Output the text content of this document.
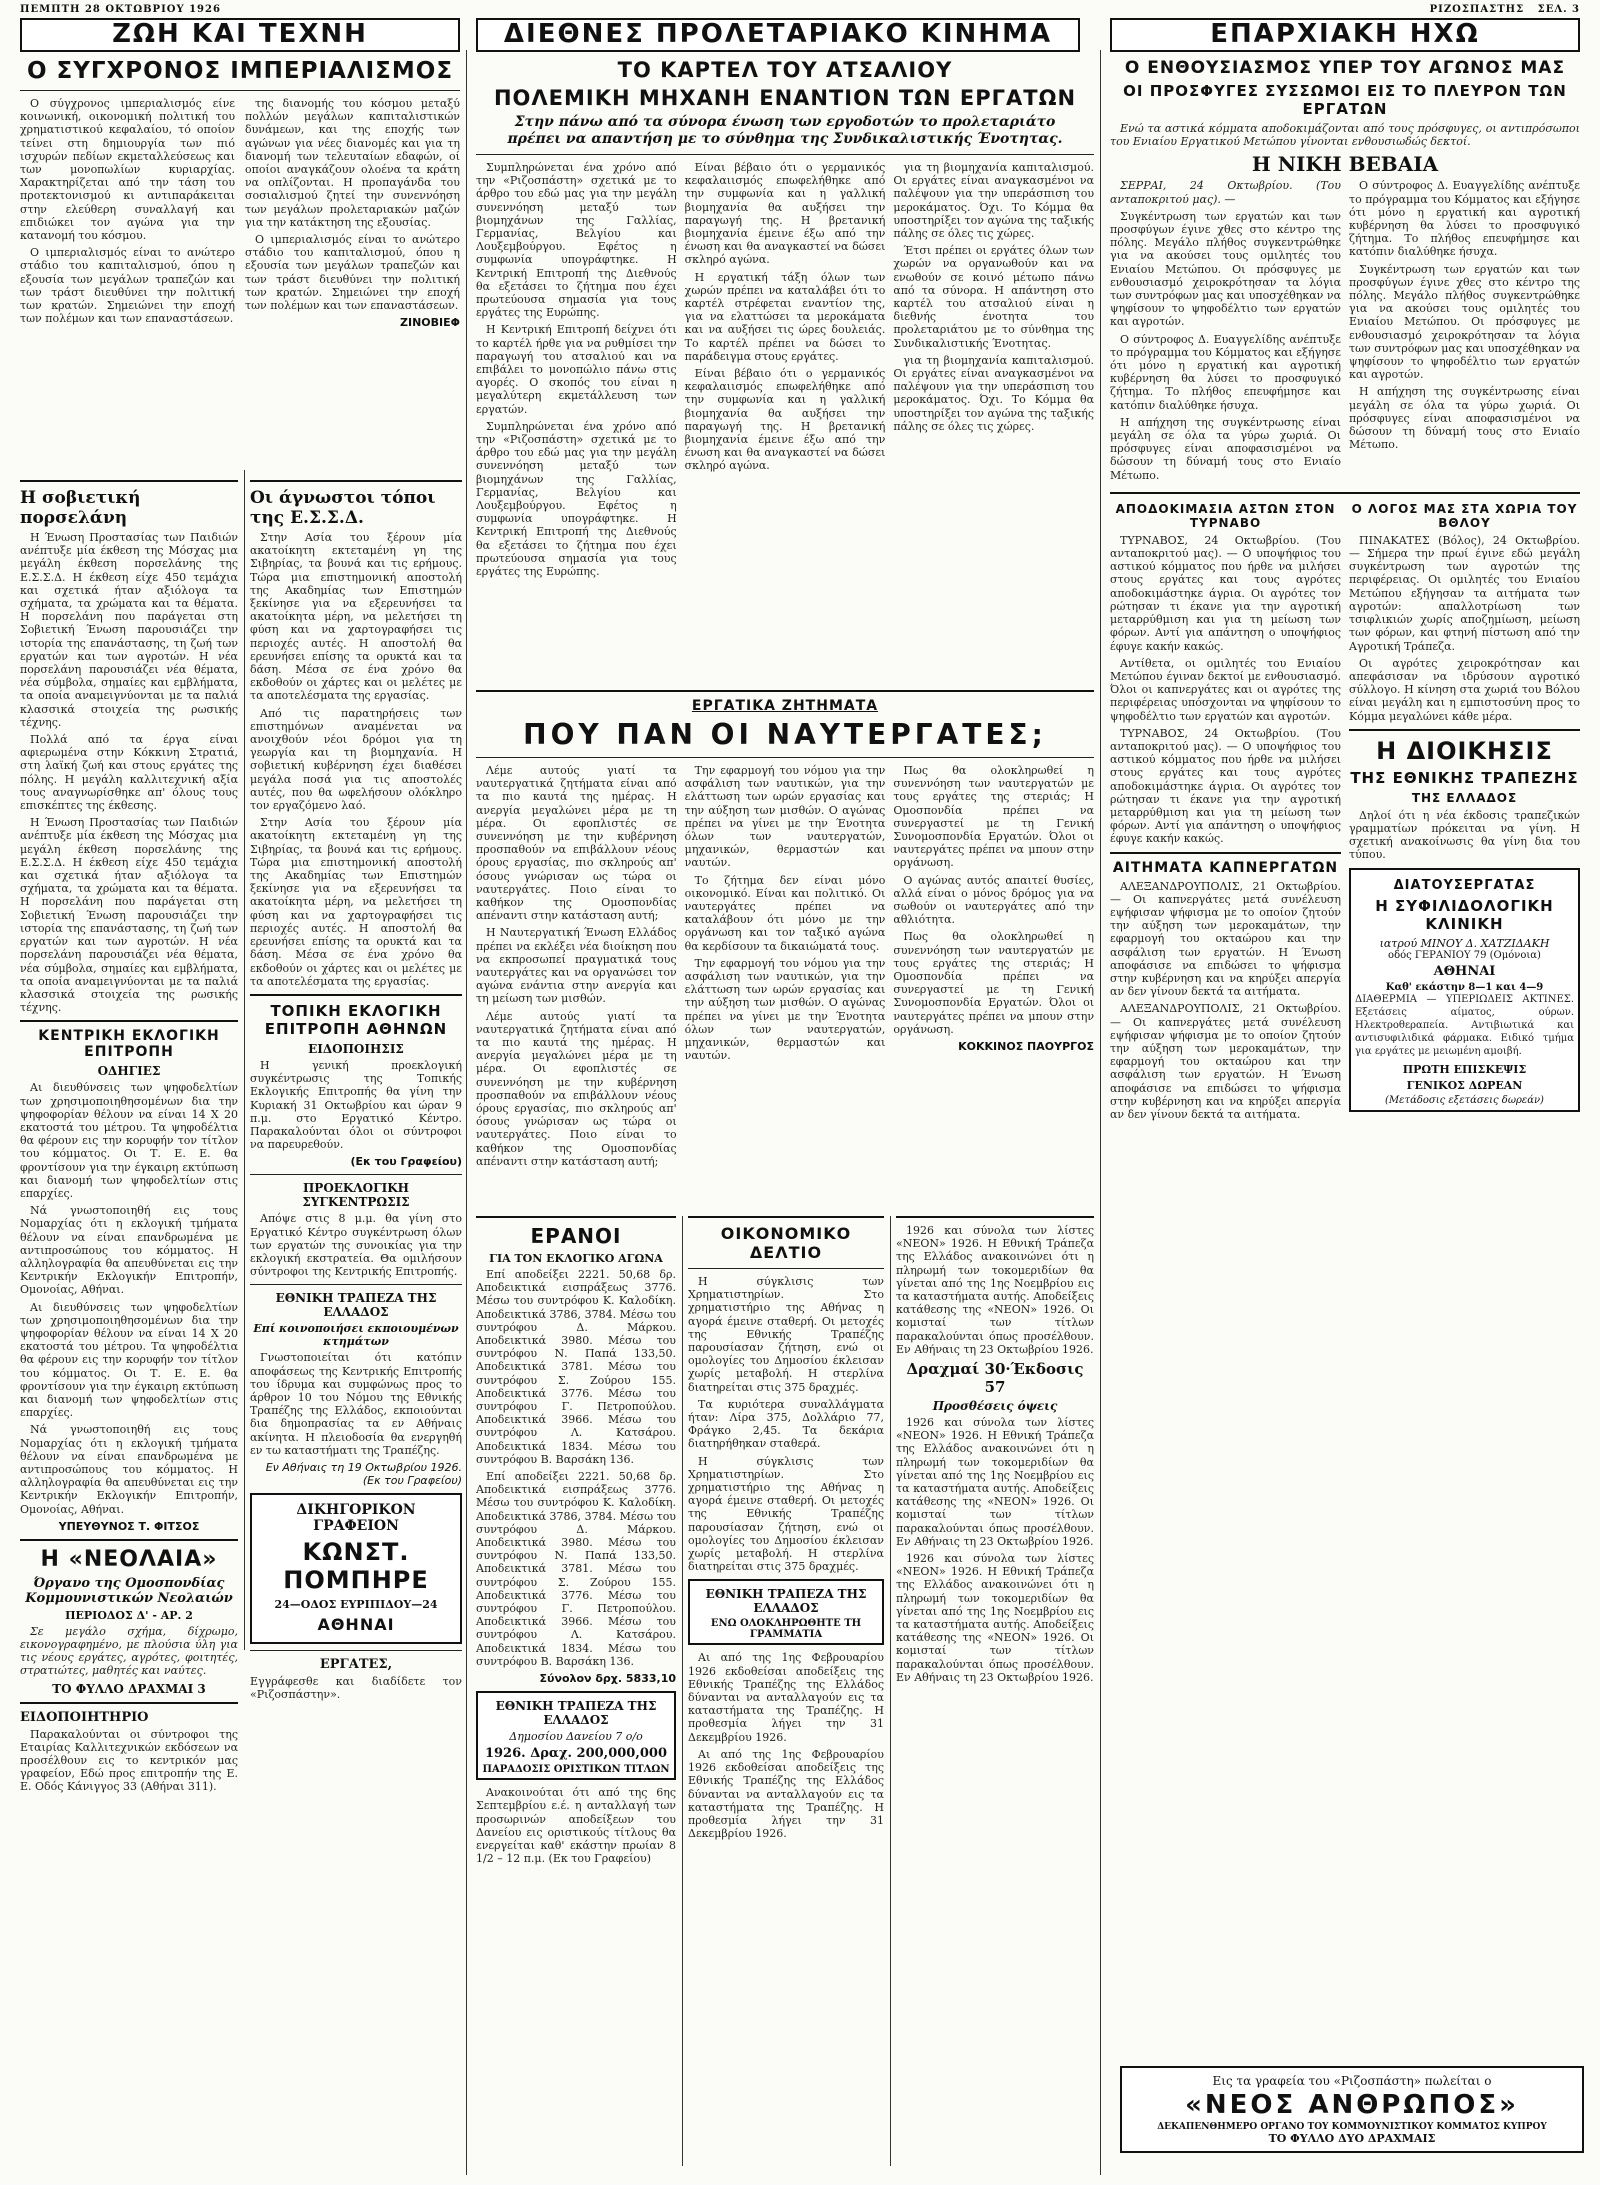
ΠΕΜΠΤΗ 28 ΟΚΤΩΒΡΙΟΥ 1926	ΡΙΖΟΣΠΑΣΤΗΣ ΣΕΛ. 3
ΖΩΗ ΚΑΙ ΤΕΧΝΗ	ΔΙΕΘΝΕΣ ΠΡΟΛΕΤΑΡΙΑΚΟ ΚΙΝΗΜΑ	ΕΠΑΡΧΙΑΚΗ ΗΧΩ
Ο ΣΥΓΧΡΟΝΟΣ ΙΜΠΕΡΙΑΛΙΣΜΟΣ

Ο σύγχρονος ιμπεριαλισμός είνε κοινωνική, οικονομική πολιτική του χρηματιστικού κεφαλαίου, τό οποίον τείνει στη δημιουργία των πιό ισχυρών πεδίων εκμεταλλεύσεως και των μονοπωλίων κυριαρχίας. Χαρακτηρίζεται από την τάση του προτεκτονισμού κι αντιπαράκειται στην ελεύθερη συναλλαγή και επιδιώκει τον αγώνα για την κατανομή του κόσμου.

Ο ιμπεριαλισμός είναι το ανώτερο στάδιο του καπιταλισμού, όπου η εξουσία των μεγάλων τραπεζών και των τράστ διευθύνει την πολιτική των κρατών. Σημειώνει την εποχή των πολέμων και των επαναστάσεων.

της διανομής του κόσμου μεταξύ πολλών μεγάλων καπιταλιστικών δυνάμεων, και της εποχής των αγώνων για νέες διανομές και για τη διανομή των τελευταίων εδαφών, οί οποίοι αναγκάζουν ολοένα τα κράτη να οπλίζονται. Η προπαγάνδα του σοσιαλισμού ζητεί την συνεννόηση των μεγάλων προλεταριακών μαζών για την κατάκτηση της εξουσίας.

Ο ιμπεριαλισμός είναι το ανώτερο στάδιο του καπιταλισμού, όπου η εξουσία των μεγάλων τραπεζών και των τράστ διευθύνει την πολιτική των κρατών. Σημειώνει την εποχή των πολέμων και των επαναστάσεων.

ΖΙΝΟΒΙΕΦ
Η σοβιετική πορσελάνη

Η Ένωση Προστασίας των Παιδιών ανέπτυξε μία έκθεση της Μόσχας μια μεγάλη έκθεση πορσελάνης της Ε.Σ.Σ.Δ. Η έκθεση είχε 450 τεμάχια και σχετικά ήταν αξιόλογα τα σχήματα, τα χρώματα και τα θέματα. Η πορσελάνη που παράγεται στη Σοβιετική Ένωση παρουσιάζει την ιστορία της επανάστασης, τη ζωή των εργατών και των αγροτών. Η νέα πορσελάνη παρουσιάζει νέα θέματα, νέα σύμβολα, σημαίες και εμβλήματα, τα οποία αναμειγνύονται με τα παλιά κλασσικά στοιχεία της ρωσικής τέχνης.

Πολλά από τα έργα είναι αφιερωμένα στην Κόκκινη Στρατιά, στη λαϊκή ζωή και στους εργάτες της πόλης. Η μεγάλη καλλιτεχνική αξία τους αναγνωρίσθηκε απ' όλους τους επισκέπτες της έκθεσης.

Η Ένωση Προστασίας των Παιδιών ανέπτυξε μία έκθεση της Μόσχας μια μεγάλη έκθεση πορσελάνης της Ε.Σ.Σ.Δ. Η έκθεση είχε 450 τεμάχια και σχετικά ήταν αξιόλογα τα σχήματα, τα χρώματα και τα θέματα. Η πορσελάνη που παράγεται στη Σοβιετική Ένωση παρουσιάζει την ιστορία της επανάστασης, τη ζωή των εργατών και των αγροτών. Η νέα πορσελάνη παρουσιάζει νέα θέματα, νέα σύμβολα, σημαίες και εμβλήματα, τα οποία αναμειγνύονται με τα παλιά κλασσικά στοιχεία της ρωσικής τέχνης.

ΚΕΝΤΡΙΚΗ ΕΚΛΟΓΙΚΗ ΕΠΙΤΡΟΠΗ
ΟΔΗΓΙΕΣ

Αι διευθύνσεις των ψηφοδελτίων των χρησιμοποιηθησομένων δια την ψηφοφορίαν θέλουν να είναι 14 Χ 20 εκατοστά του μέτρου. Τα ψηφοδέλτια θα φέρουν εις την κορυφήν τον τίτλον του κόμματος. Οι Τ. Ε. Ε. θα φροντίσουν για την έγκαιρη εκτύπωση και διανομή των ψηφοδελτίων στις επαρχίες.

Νά γνωστοποιηθή εις τους Νομαρχίας ότι η εκλογική τμήματα θέλουν να είναι επανδρωμένα με αντιπροσώπους του κόμματος. Η αλληλογραφία θα απευθύνεται εις την Κεντρικήν Εκλογικήν Επιτροπήν, Ομονοίας, Αθήναι.

Αι διευθύνσεις των ψηφοδελτίων των χρησιμοποιηθησομένων δια την ψηφοφορίαν θέλουν να είναι 14 Χ 20 εκατοστά του μέτρου. Τα ψηφοδέλτια θα φέρουν εις την κορυφήν τον τίτλον του κόμματος. Οι Τ. Ε. Ε. θα φροντίσουν για την έγκαιρη εκτύπωση και διανομή των ψηφοδελτίων στις επαρχίες.

Νά γνωστοποιηθή εις τους Νομαρχίας ότι η εκλογική τμήματα θέλουν να είναι επανδρωμένα με αντιπροσώπους του κόμματος. Η αλληλογραφία θα απευθύνεται εις την Κεντρικήν Εκλογικήν Επιτροπήν, Ομονοίας, Αθήναι.

ΥΠΕΥΘΥΝΟΣ Τ. ΦΙΤΣΟΣ
Η «ΝΕΟΛΑΙΑ»
Όργανο της Ομοσπονδίας Κομμουνιστικών Νεολαιών
ΠΕΡΙΟΔΟΣ Δ' - ΑΡ. 2

Σε μεγάλο σχήμα, δίχρωμο, εικονογραφημένο, με πλούσια ύλη για τις νέους εργάτες, αγρότες, φοιτητές, στρατιώτες, μαθητές και ναύτες.

ΤΟ ΦΥΛΛΟ ΔΡΑΧΜΑΙ 3
ΕΙΔΟΠΟΙΗΤΗΡΙΟ

Παρακαλούνται οι σύντροφοι της Εταιρίας Καλλιτεχνικών εκδόσεων να προσέλθουν εις το κεντρικόν μας γραφείον, Εδώ προς επιτροπήν της Ε. Ε. Οδός Κάνιγγος 33 (Αθήναι 311).

Οι άγνωστοι τόποι της Ε.Σ.Σ.Δ.

Στην Ασία του ξέρουν μία ακατοίκητη εκτεταμένη γη της Σιβηρίας, τα βουνά και τις ερήμους. Τώρα μια επιστημονική αποστολή της Ακαδημίας των Επιστημών ξεκίνησε για να εξερευνήσει τα ακατοίκητα μέρη, να μελετήσει τη φύση και να χαρτογραφήσει τις περιοχές αυτές. Η αποστολή θα ερευνήσει επίσης τα ορυκτά και τα δάση. Μέσα σε ένα χρόνο θα εκδοθούν οι χάρτες και οι μελέτες με τα αποτελέσματα της εργασίας.

Από τις παρατηρήσεις των επιστημόνων αναμένεται να ανοιχθούν νέοι δρόμοι για τη γεωργία και τη βιομηχανία. Η σοβιετική κυβέρνηση έχει διαθέσει μεγάλα ποσά για τις αποστολές αυτές, που θα ωφελήσουν ολόκληρο τον εργαζόμενο λαό.

Στην Ασία του ξέρουν μία ακατοίκητη εκτεταμένη γη της Σιβηρίας, τα βουνά και τις ερήμους. Τώρα μια επιστημονική αποστολή της Ακαδημίας των Επιστημών ξεκίνησε για να εξερευνήσει τα ακατοίκητα μέρη, να μελετήσει τη φύση και να χαρτογραφήσει τις περιοχές αυτές. Η αποστολή θα ερευνήσει επίσης τα ορυκτά και τα δάση. Μέσα σε ένα χρόνο θα εκδοθούν οι χάρτες και οι μελέτες με τα αποτελέσματα της εργασίας.

ΤΟΠΙΚΗ ΕΚΛΟΓΙΚΗ ΕΠΙΤΡΟΠΗ ΑΘΗΝΩΝ
ΕΙΔΟΠΟΙΗΣΙΣ

Η γενική προεκλογική συγκέντρωσις της Τοπικής Εκλογικής Επιτροπής θα γίνη την Κυριακή 31 Οκτωβρίου και ώραν 9 π.μ. στο Εργατικό Κέντρο. Παρακαλούνται όλοι οι σύντροφοι να παρευρεθούν.

(Εκ του Γραφείου)
ΠΡΟΕΚΛΟΓΙΚΗ ΣΥΓΚΕΝΤΡΩΣΙΣ

Απόψε στις 8 μ.μ. θα γίνη στο Εργατικό Κέντρο συγκέντρωση όλων των εργατών της συνοικίας για την εκλογική εκστρατεία. Θα ομιλήσουν σύντροφοι της Κεντρικής Επιτροπής.

ΕΘΝΙΚΗ ΤΡΑΠΕΖΑ ΤΗΣ ΕΛΛΑΔΟΣ
Επί κοινοποιήσει εκποιουμένων κτημάτων

Γνωστοποιείται ότι κατόπιν αποφάσεως της Κεντρικής Επιτροπής του ίδρυμα και συμφώνως προς το άρθρον 10 του Νόμου της Εθνικής Τραπέζης της Ελλάδος, εκποιούνται δια δημοπρασίας τα εν Αθήναις ακίνητα. Η πλειοδοσία θα ενεργηθή εν τω καταστήματι της Τραπέζης.

Εν Αθήναις τη 19 Οκτωβρίου 1926. (Εκ του Γραφείου)
ΔΙΚΗΓΟΡΙΚΟΝ ΓΡΑΦΕΙΟΝ
ΚΩΝΣΤ. ΠΟΜΠΗΡΕ
24—ΟΔΟΣ ΕΥΡΙΠΙΔΟΥ—24
ΑΘΗΝΑΙ
ΕΡΓΑΤΕΣ,

Εγγράφεσθε και διαδίδετε τον «Ριζοσπάστην».

ΤΟ ΚΑΡΤΕΛ ΤΟΥ ΑΤΣΑΛΙΟΥ
ΠΟΛΕΜΙΚΗ ΜΗΧΑΝΗ ΕΝΑΝΤΙΟΝ ΤΩΝ ΕΡΓΑΤΩΝ
Στην πάνω από τα σύνορα ένωση των εργοδοτών το προλεταριάτο πρέπει να απαντήση με το σύνθημα της Συνδικαλιστικής Ένοτητας.

Συμπληρώνεται ένα χρόνο από την «Ριζοσπάστη» σχετικά με το άρθρο του εδώ μας για την μεγάλη συνεννόηση μεταξύ των βιομηχάνων της Γαλλίας, Γερμανίας, Βελγίου και Λουξεμβούργου. Εφέτος η συμφωνία υπογράφτηκε. Η Κεντρική Επιτροπή της Διεθνούς θα εξετάσει το ζήτημα που έχει πρωτεύουσα σημασία για τους εργάτες της Ευρώπης.

Η Κεντρική Επιτροπή δείχνει ότι το καρτέλ ήρθε για να ρυθμίσει την παραγωγή του ατσαλιού και να επιβάλει το μονοπώλιο πάνω στις αγορές. Ο σκοπός του είναι η μεγαλύτερη εκμετάλλευση των εργατών.

Συμπληρώνεται ένα χρόνο από την «Ριζοσπάστη» σχετικά με το άρθρο του εδώ μας για την μεγάλη συνεννόηση μεταξύ των βιομηχάνων της Γαλλίας, Γερμανίας, Βελγίου και Λουξεμβούργου. Εφέτος η συμφωνία υπογράφτηκε. Η Κεντρική Επιτροπή της Διεθνούς θα εξετάσει το ζήτημα που έχει πρωτεύουσα σημασία για τους εργάτες της Ευρώπης.

Είναι βέβαιο ότι ο γερμανικός κεφαλαιισμός επωφελήθηκε από την συμφωνία και η γαλλική βιομηχανία θα αυξήσει την παραγωγή της. Η βρετανική βιομηχανία έμεινε έξω από την ένωση και θα αναγκαστεί να δώσει σκληρό αγώνα.

Η εργατική τάξη όλων των χωρών πρέπει να καταλάβει ότι το καρτέλ στρέφεται εναντίον της, για να ελαττώσει τα μεροκάματα και να αυξήσει τις ώρες δουλειάς. Το καρτέλ πρέπει να δώσει το παράδειγμα στους εργάτες.

Είναι βέβαιο ότι ο γερμανικός κεφαλαιισμός επωφελήθηκε από την συμφωνία και η γαλλική βιομηχανία θα αυξήσει την παραγωγή της. Η βρετανική βιομηχανία έμεινε έξω από την ένωση και θα αναγκαστεί να δώσει σκληρό αγώνα.

για τη βιομηχανία καπιταλισμού. Οι εργάτες είναι αναγκασμένοι να παλέψουν για την υπεράσπιση του μεροκάματος. Όχι. Το Κόμμα θα υποστηρίξει τον αγώνα της ταξικής πάλης σε όλες τις χώρες.

Έτσι πρέπει οι εργάτες όλων των χωρών να οργανωθούν και να ενωθούν σε κοινό μέτωπο πάνω από τα σύνορα. Η απάντηση στο καρτέλ του ατσαλιού είναι η διεθνής ένοτητα του προλεταριάτου με το σύνθημα της Συνδικαλιστικής Ένοτητας.

για τη βιομηχανία καπιταλισμού. Οι εργάτες είναι αναγκασμένοι να παλέψουν για την υπεράσπιση του μεροκάματος. Όχι. Το Κόμμα θα υποστηρίξει τον αγώνα της ταξικής πάλης σε όλες τις χώρες.

ΕΡΓΑΤΙΚΑ ΖΗΤΗΜΑΤΑ
ΠΟΥ ΠΑΝ ΟΙ ΝΑΥΤΕΡΓΑΤΕΣ;

Λέμε αυτούς γιατί τα ναυτεργατικά ζητήματα είναι από τα πιο καυτά της ημέρας. Η ανεργία μεγαλώνει μέρα με τη μέρα. Οι εφοπλιστές σε συνεννόηση με την κυβέρνηση προσπαθούν να επιβάλλουν νέους όρους εργασίας, πιο σκληρούς απ' όσους γνώρισαν ως τώρα οι ναυτεργάτες. Ποιο είναι το καθήκον της Ομοσπονδίας απέναντι στην κατάσταση αυτή;

Η Ναυτεργατική Ένωση Ελλάδος πρέπει να εκλέξει νέα διοίκηση που να εκπροσωπεί πραγματικά τους ναυτεργάτες και να οργανώσει τον αγώνα ενάντια στην ανεργία και τη μείωση των μισθών.

Λέμε αυτούς γιατί τα ναυτεργατικά ζητήματα είναι από τα πιο καυτά της ημέρας. Η ανεργία μεγαλώνει μέρα με τη μέρα. Οι εφοπλιστές σε συνεννόηση με την κυβέρνηση προσπαθούν να επιβάλλουν νέους όρους εργασίας, πιο σκληρούς απ' όσους γνώρισαν ως τώρα οι ναυτεργάτες. Ποιο είναι το καθήκον της Ομοσπονδίας απέναντι στην κατάσταση αυτή;

Την εφαρμογή του νόμου για την ασφάλιση των ναυτικών, για την ελάττωση των ωρών εργασίας και την αύξηση των μισθών. Ο αγώνας πρέπει να γίνει με την Ένοτητα όλων των ναυτεργατών, μηχανικών, θερμαστών και ναυτών.

Το ζήτημα δεν είναι μόνο οικονομικό. Είναι και πολιτικό. Οι ναυτεργάτες πρέπει να καταλάβουν ότι μόνο με την οργάνωση και τον ταξικό αγώνα θα κερδίσουν τα δικαιώματά τους.

Την εφαρμογή του νόμου για την ασφάλιση των ναυτικών, για την ελάττωση των ωρών εργασίας και την αύξηση των μισθών. Ο αγώνας πρέπει να γίνει με την Ένοτητα όλων των ναυτεργατών, μηχανικών, θερμαστών και ναυτών.

Πως θα ολοκληρωθεί η συνεννόηση των ναυτεργατών με τους εργάτες της στεριάς; Η Ομοσπονδία πρέπει να συνεργαστεί με τη Γενική Συνομοσπονδία Εργατών. Όλοι οι ναυτεργάτες πρέπει να μπουν στην οργάνωση.

Ο αγώνας αυτός απαιτεί θυσίες, αλλά είναι ο μόνος δρόμος για να σωθούν οι ναυτεργάτες από την αθλιότητα.

Πως θα ολοκληρωθεί η συνεννόηση των ναυτεργατών με τους εργάτες της στεριάς; Η Ομοσπονδία πρέπει να συνεργαστεί με τη Γενική Συνομοσπονδία Εργατών. Όλοι οι ναυτεργάτες πρέπει να μπουν στην οργάνωση.

ΚΟΚΚΙΝΟΣ ΠΑΟΥΡΓΟΣ
ΕΡΑΝΟΙ
ΓΙΑ ΤΟΝ ΕΚΛΟΓΙΚΟ ΑΓΩΝΑ

Επί αποδείξει 2221. 50,68 δρ. Αποδεικτικά εισπράξεως 3776. Μέσω του συντρόφου Κ. Καλοδίκη. Αποδεικτικά 3786, 3784. Μέσω του συντρόφου Δ. Μάρκου. Αποδεικτικά 3980. Μέσω του συντρόφου Ν. Παπά 133,50. Αποδεικτικά 3781. Μέσω του συντρόφου Σ. Ζούρου 155. Αποδεικτικά 3776. Μέσω του συντρόφου Γ. Πετροπούλου. Αποδεικτικά 3966. Μέσω του συντρόφου Λ. Κατσάρου. Αποδεικτικά 1834. Μέσω του συντρόφου Β. Βαρσάκη 136.

Επί αποδείξει 2221. 50,68 δρ. Αποδεικτικά εισπράξεως 3776. Μέσω του συντρόφου Κ. Καλοδίκη. Αποδεικτικά 3786, 3784. Μέσω του συντρόφου Δ. Μάρκου. Αποδεικτικά 3980. Μέσω του συντρόφου Ν. Παπά 133,50. Αποδεικτικά 3781. Μέσω του συντρόφου Σ. Ζούρου 155. Αποδεικτικά 3776. Μέσω του συντρόφου Γ. Πετροπούλου. Αποδεικτικά 3966. Μέσω του συντρόφου Λ. Κατσάρου. Αποδεικτικά 1834. Μέσω του συντρόφου Β. Βαρσάκη 136.

Σύνολον δρχ. 5833,10
ΕΘΝΙΚΗ ΤΡΑΠΕΖΑ ΤΗΣ ΕΛΛΑΔΟΣ
Δημοσίου Δανείου 7 ο/ο
1926. Δραχ. 200,000,000
ΠΑΡΑΔΟΣΙΣ ΟΡΙΣΤΙΚΩΝ ΤΙΤΛΩΝ

Ανακοινούται ότι από της 6ης Σεπτεμβρίου ε.έ. η ανταλλαγή των προσωρινών αποδείξεων του Δανείου εις οριστικούς τίτλους θα ενεργείται καθ' εκάστην πρωίαν 8 1/2 – 12 π.μ. (Εκ του Γραφείου)

ΟΙΚΟΝΟΜΙΚΟ ΔΕΛΤΙΟ

Η σύγκλισις των Χρηματιστηρίων. Στο χρηματιστήριο της Αθήνας η αγορά έμεινε σταθερή. Οι μετοχές της Εθνικής Τραπέζης παρουσίασαν ζήτηση, ενώ οι ομολογίες του Δημοσίου έκλεισαν χωρίς μεταβολή. Η στερλίνα διατηρείται στις 375 δραχμές.

Τα κυριότερα συναλλάγματα ήταν: Λίρα 375, Δολλάριο 77, Φράγκο 2,45. Τα δεκάρια διατηρήθηκαν σταθερά.

Η σύγκλισις των Χρηματιστηρίων. Στο χρηματιστήριο της Αθήνας η αγορά έμεινε σταθερή. Οι μετοχές της Εθνικής Τραπέζης παρουσίασαν ζήτηση, ενώ οι ομολογίες του Δημοσίου έκλεισαν χωρίς μεταβολή. Η στερλίνα διατηρείται στις 375 δραχμές.

ΕΘΝΙΚΗ ΤΡΑΠΕΖΑ ΤΗΣ ΕΛΛΑΔΟΣ
ΕΝΩ ΟΛΟΚΛΗΡΩΘΗΤΕ ΤΗ ΓΡΑΜΜΑΤΙΑ

Αι από της 1ης Φεβρουαρίου 1926 εκδοθείσαι αποδείξεις της Εθνικής Τραπέζης της Ελλάδος δύνανται να ανταλλαγούν εις τα καταστήματα της Τραπέζης. Η προθεσμία λήγει την 31 Δεκεμβρίου 1926.

Αι από της 1ης Φεβρουαρίου 1926 εκδοθείσαι αποδείξεις της Εθνικής Τραπέζης της Ελλάδος δύνανται να ανταλλαγούν εις τα καταστήματα της Τραπέζης. Η προθεσμία λήγει την 31 Δεκεμβρίου 1926.

1926 και σύνολα των λίστες «ΝΕΟΝ» 1926. Η Εθνική Τράπεζα της Ελλάδος ανακοινώνει ότι η πληρωμή των τοκομεριδίων θα γίνεται από της 1ης Νοεμβρίου εις τα καταστήματα αυτής. Αποδείξεις κατάθεσης της «ΝΕΟΝ» 1926. Οι κομισταί των τίτλων παρακαλούνται όπως προσέλθουν. Εν Αθήναις τη 23 Οκτωβρίου 1926.

Δραχμαί 30·Έκδοσις 57
Προσθέσεις όψεις

1926 και σύνολα των λίστες «ΝΕΟΝ» 1926. Η Εθνική Τράπεζα της Ελλάδος ανακοινώνει ότι η πληρωμή των τοκομεριδίων θα γίνεται από της 1ης Νοεμβρίου εις τα καταστήματα αυτής. Αποδείξεις κατάθεσης της «ΝΕΟΝ» 1926. Οι κομισταί των τίτλων παρακαλούνται όπως προσέλθουν. Εν Αθήναις τη 23 Οκτωβρίου 1926.

1926 και σύνολα των λίστες «ΝΕΟΝ» 1926. Η Εθνική Τράπεζα της Ελλάδος ανακοινώνει ότι η πληρωμή των τοκομεριδίων θα γίνεται από της 1ης Νοεμβρίου εις τα καταστήματα αυτής. Αποδείξεις κατάθεσης της «ΝΕΟΝ» 1926. Οι κομισταί των τίτλων παρακαλούνται όπως προσέλθουν. Εν Αθήναις τη 23 Οκτωβρίου 1926.

Ο ΕΝΘΟΥΣΙΑΣΜΟΣ ΥΠΕΡ ΤΟΥ ΑΓΩΝΟΣ ΜΑΣ
ΟΙ ΠΡΟΣΦΥΓΕΣ ΣΥΣΣΩΜΟΙ ΕΙΣ ΤΟ ΠΛΕΥΡΟΝ ΤΩΝ ΕΡΓΑΤΩΝ

Ενώ τα αστικά κόμματα αποδοκιμάζονται από τους πρόσφυγες, οι αντιπρόσωποι του Ενιαίου Εργατικού Μετώπου γίνονται ενθουσιωδώς δεκτοί.

Η ΝΙΚΗ ΒΕΒΑΙΑ

ΣΕΡΡΑΙ, 24 Οκτωβρίου. (Του ανταποκριτού μας). —

Συγκέντρωση των εργατών και των προσφύγων έγινε χθες στο κέντρο της πόλης. Μεγάλο πλήθος συγκεντρώθηκε για να ακούσει τους ομιλητές του Ενιαίου Μετώπου. Οι πρόσφυγες με ενθουσιασμό χειροκρότησαν τα λόγια των συντρόφων μας και υποσχέθηκαν να ψηφίσουν το ψηφοδέλτιο των εργατών και αγροτών.

Ο σύντροφος Δ. Ευαγγελίδης ανέπτυξε το πρόγραμμα του Κόμματος και εξήγησε ότι μόνο η εργατική και αγροτική κυβέρνηση θα λύσει το προσφυγικό ζήτημα. Το πλήθος επευφήμησε και κατόπιν διαλύθηκε ήσυχα.

Η απήχηση της συγκέντρωσης είναι μεγάλη σε όλα τα γύρω χωριά. Οι πρόσφυγες είναι αποφασισμένοι να δώσουν τη δύναμή τους στο Ενιαίο Μέτωπο.

Ο σύντροφος Δ. Ευαγγελίδης ανέπτυξε το πρόγραμμα του Κόμματος και εξήγησε ότι μόνο η εργατική και αγροτική κυβέρνηση θα λύσει το προσφυγικό ζήτημα. Το πλήθος επευφήμησε και κατόπιν διαλύθηκε ήσυχα.

Συγκέντρωση των εργατών και των προσφύγων έγινε χθες στο κέντρο της πόλης. Μεγάλο πλήθος συγκεντρώθηκε για να ακούσει τους ομιλητές του Ενιαίου Μετώπου. Οι πρόσφυγες με ενθουσιασμό χειροκρότησαν τα λόγια των συντρόφων μας και υποσχέθηκαν να ψηφίσουν το ψηφοδέλτιο των εργατών και αγροτών.

Η απήχηση της συγκέντρωσης είναι μεγάλη σε όλα τα γύρω χωριά. Οι πρόσφυγες είναι αποφασισμένοι να δώσουν τη δύναμή τους στο Ενιαίο Μέτωπο.

ΑΠΟΔΟΚΙΜΑΣΙΑ ΑΣΤΩΝ ΣΤΟΝ ΤΥΡΝΑΒΟ

ΤΥΡΝΑΒΟΣ, 24 Οκτωβρίου. (Του ανταποκριτού μας). — Ο υποψήφιος του αστικού κόμματος που ήρθε να μιλήσει στους εργάτες και τους αγρότες αποδοκιμάστηκε άγρια. Οι αγρότες τον ρώτησαν τι έκανε για την αγροτική μεταρρύθμιση και για τη μείωση των φόρων. Αντί για απάντηση ο υποψήφιος έφυγε κακήν κακώς.

Αντίθετα, οι ομιλητές του Ενιαίου Μετώπου έγιναν δεκτοί με ενθουσιασμό. Όλοι οι καπνεργάτες και οι αγρότες της περιφέρειας υπόσχονται να ψηφίσουν το ψηφοδέλτιο των εργατών και αγροτών.

ΤΥΡΝΑΒΟΣ, 24 Οκτωβρίου. (Του ανταποκριτού μας). — Ο υποψήφιος του αστικού κόμματος που ήρθε να μιλήσει στους εργάτες και τους αγρότες αποδοκιμάστηκε άγρια. Οι αγρότες τον ρώτησαν τι έκανε για την αγροτική μεταρρύθμιση και για τη μείωση των φόρων. Αντί για απάντηση ο υποψήφιος έφυγε κακήν κακώς.

ΑΙΤΗΜΑΤΑ ΚΑΠΝΕΡΓΑΤΩΝ

ΑΛΕΞΑΝΔΡΟΥΠΟΛΙΣ, 21 Οκτωβρίου. — Οι καπνεργάτες μετά συνέλευση εψήφισαν ψήφισμα με το οποίον ζητούν την αύξηση των μεροκαμάτων, την εφαρμογή του οκταώρου και την ασφάλιση των εργατών. Η Ένωση αποφάσισε να επιδώσει το ψήφισμα στην κυβέρνηση και να κηρύξει απεργία αν δεν γίνουν δεκτά τα αιτήματα.

ΑΛΕΞΑΝΔΡΟΥΠΟΛΙΣ, 21 Οκτωβρίου. — Οι καπνεργάτες μετά συνέλευση εψήφισαν ψήφισμα με το οποίον ζητούν την αύξηση των μεροκαμάτων, την εφαρμογή του οκταώρου και την ασφάλιση των εργατών. Η Ένωση αποφάσισε να επιδώσει το ψήφισμα στην κυβέρνηση και να κηρύξει απεργία αν δεν γίνουν δεκτά τα αιτήματα.

Ο ΛΟΓΟΣ ΜΑΣ ΣΤΑ ΧΩΡΙΑ ΤΟΥ ΒΘΛΟΥ

ΠΙΝΑΚΑΤΕΣ (Βόλος), 24 Οκτωβρίου. — Σήμερα την πρωί έγινε εδώ μεγάλη συγκέντρωση των αγροτών της περιφέρειας. Οι ομιλητές του Ενιαίου Μετώπου εξήγησαν τα αιτήματα των αγροτών: απαλλοτρίωση των τσιφλικιών χωρίς αποζημίωση, μείωση των φόρων, και φτηνή πίστωση από την Αγροτική Τράπεζα.

Οι αγρότες χειροκρότησαν και απεφάσισαν να ιδρύσουν αγροτικό σύλλογο. Η κίνηση στα χωριά του Βόλου είναι μεγάλη και η εμπιστοσύνη προς το Κόμμα μεγαλώνει κάθε μέρα.

Η ΔΙΟΙΚΗΣΙΣ
ΤΗΣ ΕΘΝΙΚΗΣ ΤΡΑΠΕΖΗΣ
ΤΗΣ ΕΛΛΑΔΟΣ

Δηλοί ότι η νέα έκδοσις τραπεζικών γραμματίων πρόκειται να γίνη. Η σχετική ανακοίνωσις θα γίνη δια του τύπου.

ΔΙΑΤΟΥΣΕΡΓΑΤΑΣ
Η ΣΥΦΙΛΙΔΟΛΟΓΙΚΗ ΚΛΙΝΙΚΗ
ιατρού ΜΙΝΟΥ Δ. ΧΑΤΖΙΔΑΚΗ
οδός ΓΕΡΑΝΙΟΥ 79 (Ομόνοια)
ΑΘΗΝΑΙ
Καθ' εκάστην 8—1 και 4—9

ΔΙΑΘΕΡΜΙΑ — ΥΠΕΡΙΩΔΕΙΣ ΑΚΤΙΝΕΣ. Εξετάσεις αίματος, ούρων. Ηλεκτροθεραπεία. Αντιβιωτικά και αντισυφιλιδικά φάρμακα. Ειδικό τμήμα για εργάτες με μειωμένη αμοιβή.

ΠΡΩΤΗ ΕΠΙΣΚΕΨΙΣ
ΓΕΝΙΚΟΣ ΔΩΡΕΑΝ
(Μετάδοσις εξετάσεις δωρεάν)
Εις τα γραφεία του «Ριζοσπάστη» πωλείται ο
«ΝΕΟΣ ΑΝΘΡΩΠΟΣ»
ΔΕΚΑΠΕΝΘΗΜΕΡΟ ΟΡΓΑΝΟ ΤΟΥ ΚΟΜΜΟΥΝΙΣΤΙΚΟΥ ΚΟΜΜΑΤΟΣ ΚΥΠΡΟΥ
ΤΟ ΦΥΛΛΟ ΔΥΟ ΔΡΑΧΜΑΙΣ
